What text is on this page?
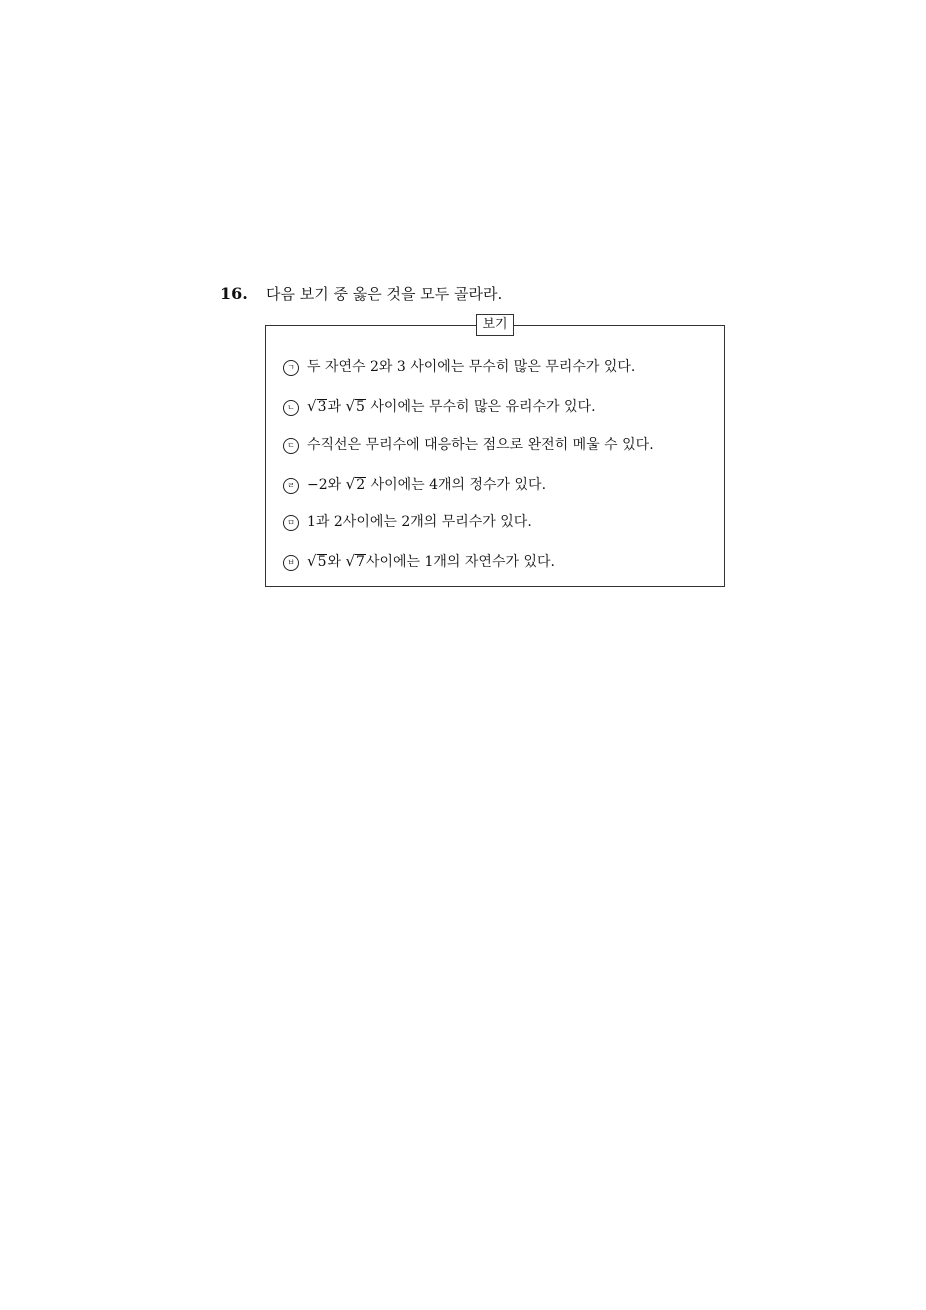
16. 다음 보기 중 옳은 것을 모두 골라라.
보기
ㄱ 두 자연수 2와 3 사이에는 무수히 많은 무리수가 있다.
ㄴ √3과 √5 사이에는 무수히 많은 유리수가 있다.
ㄷ 수직선은 무리수에 대응하는 점으로 완전히 메울 수 있다.
ㄹ −2와 √2 사이에는 4개의 정수가 있다.
ㅁ 1과 2사이에는 2개의 무리수가 있다.
ㅂ √5와 √7사이에는 1개의 자연수가 있다.
